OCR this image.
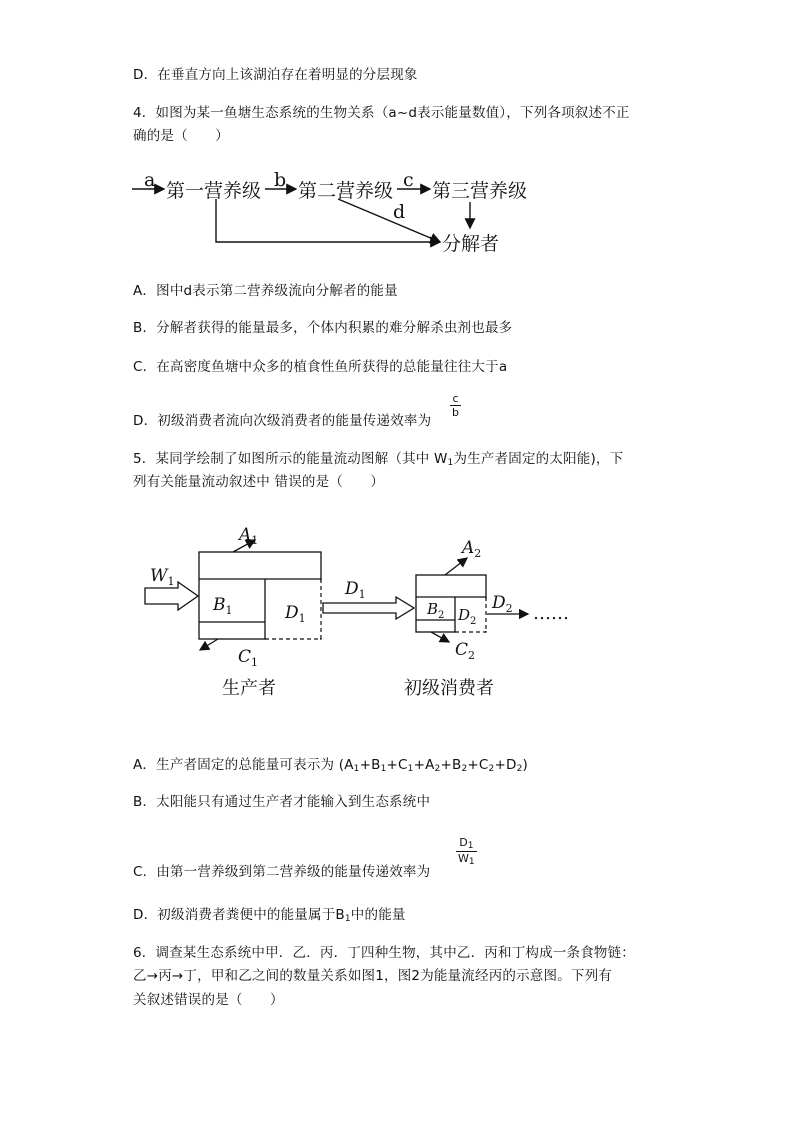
D．在垂直方向上该湖泊存在着明显的分层现象
4．如图为某一鱼塘生态系统的生物关系（a~d表示能量数值），下列各项叙述不正
确的是（　　）
第一营养级 第二营养级 第三营养级
分解者
a	b	c
d
A．图中d表示第二营养级流向分解者的能量
B．分解者获得的能量最多，个体内积累的难分解杀虫剂也最多
C．在高密度鱼塘中众多的植食性鱼所获得的总能量往往大于a
D．初级消费者流向次级消费者的能量传递效率为
$\frac{c}{b}$
5．某同学绘制了如图所示的能量流动图解（其中 $W_1$为生产者固定的太阳能)，下
列有关能量流动叙述中 错误的是（　　）
$W_1$
$A_1$
$B_1$	$D_1$
$C_1$
$D_1$
$A_2$
$B_2$ $D_2$
$C_2$
$D_2$ ……
生产者	初级消费者
A．生产者固定的总能量可表示为 $(A_1+B_1+C_1+A_2+B_2+C_2+D_2)$
B．太阳能只有通过生产者才能输入到生态系统中
C．由第一营养级到第二营养级的能量传递效率为
$\frac{D_1}{W_1}$
D．初级消费者粪便中的能量属于$B_1$中的能量
6．调查某生态系统中甲．乙．丙．丁四种生物，其中乙．丙和丁构成一条食物链：
乙→丙→丁，甲和乙之间的数量关系如图1，图2为能量流经丙的示意图。下列有
关叙述错误的是（　　）
